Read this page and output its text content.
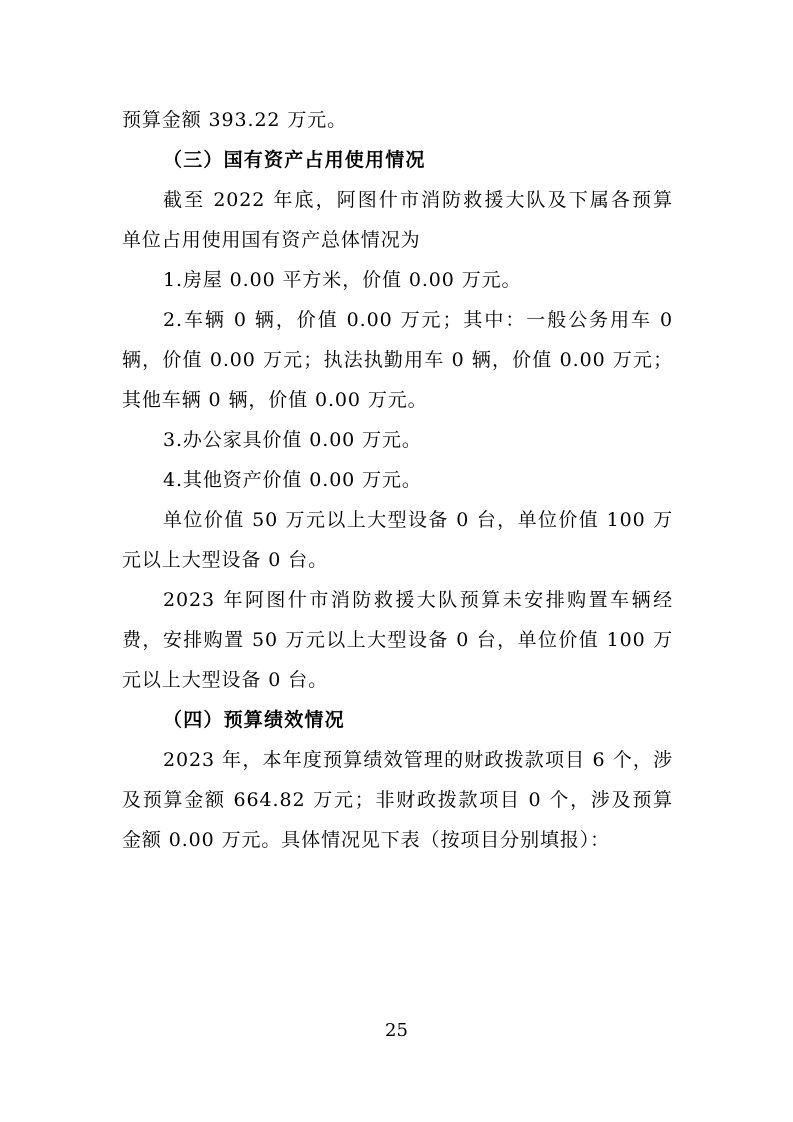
预算金额 393.22 万元。
（三）国有资产占用使用情况
截至 2022 年底，阿图什市消防救援大队及下属各预算
单位占用使用国有资产总体情况为
1.房屋 0.00 平方米，价值 0.00 万元。
2.车辆 0 辆，价值 0.00 万元；其中：一般公务用车 0
辆，价值 0.00 万元；执法执勤用车 0 辆，价值 0.00 万元；
其他车辆 0 辆，价值 0.00 万元。
3.办公家具价值 0.00 万元。
4.其他资产价值 0.00 万元。
单位价值 50 万元以上大型设备 0 台，单位价值 100 万
元以上大型设备 0 台。
2023 年阿图什市消防救援大队预算未安排购置车辆经
费，安排购置 50 万元以上大型设备 0 台，单位价值 100 万
元以上大型设备 0 台。
（四）预算绩效情况
2023 年，本年度预算绩效管理的财政拨款项目 6 个，涉
及预算金额 664.82 万元；非财政拨款项目 0 个，涉及预算
金额 0.00 万元。具体情况见下表（按项目分别填报）：
25
